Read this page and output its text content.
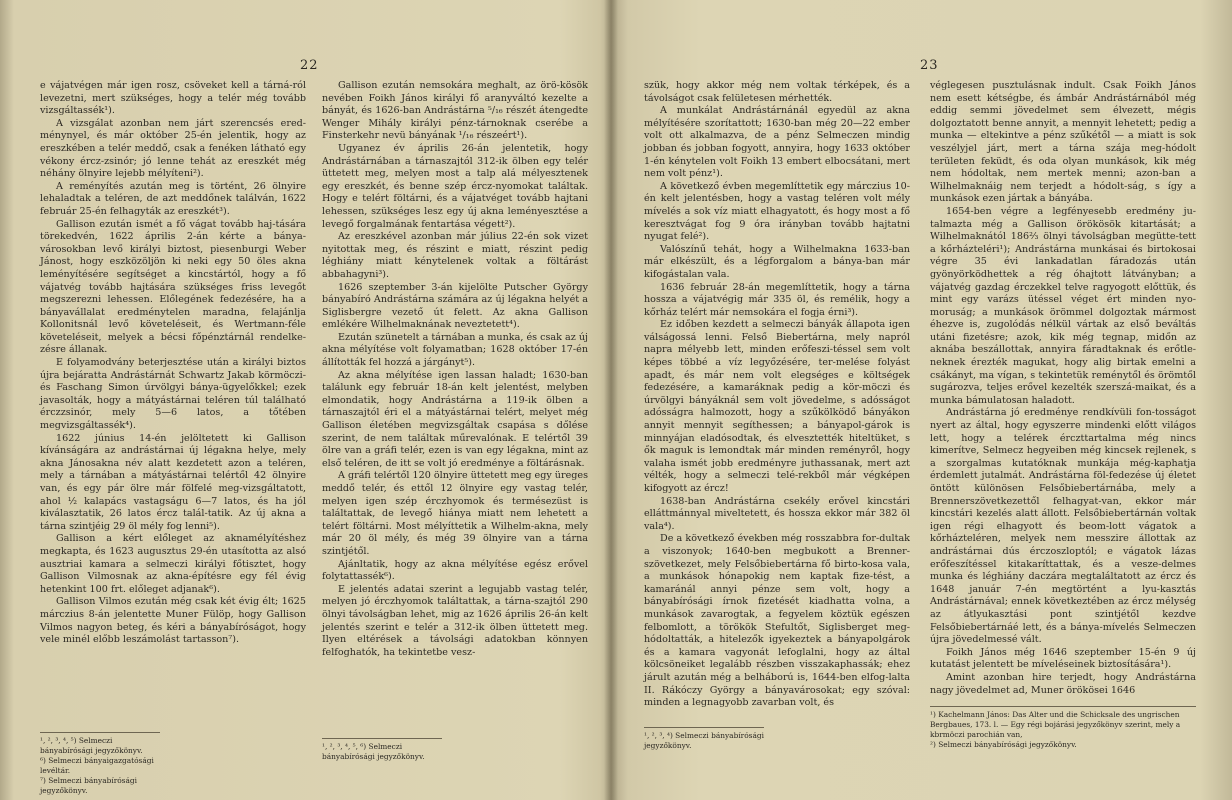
22

e vájatvégen már igen rosz, csöveket kell a tárná-ról levezetni, mert szükséges, hogy a telér még tovább vizsgáltassék¹).

A vizsgálat azonban nem járt szerencsés ered-ménynyel, és már október 25-én jelentik, hogy az ereszkében a telér meddő, csak a fenéken látható egy vékony ércz-zsinór; jó lenne tehát az ereszkét még néhány ölnyire lejebb mélyíteni²).

A reményítés azután meg is történt, 26 ölnyire lehaladtak a teléren, de azt meddőnek találván, 1622 február 25-én felhagyták az ereszkét³).

Gallison ezután ismét a fő vágat tovább haj-tására törekedvén, 1622 április 2-án kérte a bánya-városokban levő királyi biztost, piesenburgi Weber Jánost, hogy eszközöljön ki neki egy 50 öles akna leményítésére segítséget a kincstártól, hogy a fő vájatvég tovább hajtására szükséges friss levegőt megszerezni lehessen. Előlegének fedezésére, ha a bányavállalat eredménytelen maradna, felajánlja Kollonitsnál levő követeléseit, és Wertmann-féle követeléseit, melyek a bécsi főpénztárnál rendelke-zésre állanak.

E folyamodvány beterjesztése után a királyi biztos újra bejáratta Andrástárnát Schwartz Jakab körmöczi- és Faschang Simon úrvölgyi bánya-ügyelőkkel; ezek javasolták, hogy a mátyástárnai teléren túl található érczzsinór, mely 5—6 latos, a tőtében megvizsgáltassék⁴).

1622 június 14-én jelöltetett ki Gallison kívánságára az andrástárnai új légakna helye, mely akna Jánosakna név alatt kezdetett azon a teléren, mely a tárnában a mátyástárnai telértől 42 ölnyire van, és egy pár ölre már fölfelé meg-vizsgáltatott, ahol ½ kalapács vastagságu 6—7 latos, és ha jól kiválasztatik, 26 latos ércz talál-tatik. Az új akna a tárna szintjéig 29 öl mély fog lenni⁵).

Gallison a kért előleget az aknamélyítéshez megkapta, és 1623 augusztus 29-én utasította az alsó ausztriai kamara a selmeczi királyi főtisztet, hogy Gallison Vilmosnak az akna-építésre egy fél évig hetenkint 100 frt. előleget adjanak⁶).

Gallison Vilmos ezután még csak két évig élt; 1625 márczius 8-án jelentette Muner Fülöp, hogy Gallison Vilmos nagyon beteg, és kéri a bányabíróságot, hogy vele minél előbb leszámolást tartasson⁷).

Gallison ezután nemsokára meghalt, az örö-kösök nevében Foikh János királyi fő aranyváltó kezelte a bányát, és 1626-ban Andrástárna ⁵/₁₆ részét átengedte Wenger Mihály királyi pénz-tárnoknak cserébe a Finsterkehr nevü bányának ¹/₁₆ részeért¹).

Ugyanez év április 26-án jelentetik, hogy Andrástárnában a tárnaszajtól 312-ik ölben egy telér üttetett meg, melyen most a talp alá mélyesztenek egy ereszkét, és benne szép ércz-nyomokat találtak. Hogy e telért föltárni, és a vájatvéget tovább hajtani lehessen, szükséges lesz egy új akna leményesztése a levegő forgalmának fentartása végett²).

Az ereszkével azonban már július 22-én sok vizet nyitottak meg, és részint e miatt, részint pedig léghiány miatt kénytelenek voltak a föltárást abbahagyni³).

1626 szeptember 3-án kijelölte Putscher György bányabíró Andrástárna számára az új légakna helyét a Siglisbergre vezető út felett. Az akna Gallison emlékére Wilhelmaknának neveztetett⁴).

Ezután szünetelt a tárnában a munka, és csak az új akna mélyítése volt folyamatban; 1628 október 17-én állították fel hozzá a járgányt⁵).

Az akna mélyítése igen lassan haladt; 1630-ban találunk egy február 18-án kelt jelentést, melyben elmondatik, hogy Andrástárna a 119-ik ölben a tárnaszajtól éri el a mátyástárnai telért, melyet még Gallison életében megvizsgáltak csapása s dőlése szerint, de nem találtak műrevalónak. E telértől 39 ölre van a gráfi telér, ezen is van egy légakna, mint az első teléren, de itt se volt jó eredménye a föltárásnak.

A gráfi telértől 120 ölnyire üttetett meg egy üreges meddő telér, és ettől 12 ölnyire egy vastag telér, melyen igen szép érczhyomok és termésezüst is találtattak, de levegő hiánya miatt nem lehetett a telért föltárni. Most mélyíttetik a Wilhelm-akna, mely már 20 öl mély, és még 39 ölnyire van a tárna szintjétől.

Ajánltatik, hogy az akna mélyítése egész erővel folytattassék⁶).

E jelentés adatai szerint a legujabb vastag telér, melyen jó érczhyomok találtattak, a tárna-szajtól 290 ölnyi távolságban lehet, mig az 1626 április 26-án kelt jelentés szerint e telér a 312-ik ölben üttetett meg. Ilyen eltérések a távolsági adatokban könnyen felfoghatók, ha tekintetbe vesz-

¹, ², ³, ⁴, ⁵) Selmeczi bányabírósági jegyzőkönyv.
⁶) Selmeczi bányaigazgatósági levéltár.
⁷) Selmeczi bányabírósági jegyzőkönyv.
¹, ², ³, ⁴, ⁵, ⁶) Selmeczi bányabírósági jegyzőkönyv.
23

szük, hogy akkor még nem voltak térképek, és a távolságot csak felületesen mérhették.

A munkálat Andrástárnánál egyedül az akna mélyítésére szorítattott; 1630-ban még 20—22 ember volt ott alkalmazva, de a pénz Selmeczen mindig jobban és jobban fogyott, annyira, hogy 1633 október 1-én kénytelen volt Foikh 13 embert elbocsátani, mert nem volt pénz¹).

A következő évben megemlíttetik egy márczius 10-én kelt jelentésben, hogy a vastag teléren volt mély mívelés a sok víz miatt elhagyatott, és hogy most a fő keresztvágat fog 9 óra irányban tovább hajtatni nyugat felé²).

Valószínű tehát, hogy a Wilhelmakna 1633-ban már elkészült, és a légforgalom a bánya-ban már kifogástalan vala.

1636 február 28-án megemlíttetik, hogy a tárna hossza a vájatvégig már 335 öl, és remélik, hogy a kőrház telért már nemsokára el fogja érni³).

Ez időben kezdett a selmeczi bányák állapota igen válságossá lenni. Felső Biebertárna, mely napról napra mélyebb lett, minden erőfeszi-téssel sem volt képes többé a víz legyőzésére, ter-melése folyást apadt, és már nem volt elegséges e költségek fedezésére, a kamaráknak pedig a kör-möczi és úrvölgyi bányáknál sem volt jövedelme, s adósságot adósságra halmozott, hogy a szűkölködő bányákon annyit mennyit segíthessen; a bányapol-gárok is minnyájan eladósodtak, és elvesztették hiteltüket, s ők maguk is lemondtak már minden reményről, hogy valaha ismét jobb eredményre juthassanak, mert azt vélték, hogy a selmeczi telé-rekből már végképen kifogyott az ércz!

1638-ban Andrástárna csekély erővel kincstári elláttmánnyal miveltetett, és hossza ekkor már 382 öl vala⁴).

De a következő években még rosszabbra for-dultak a viszonyok; 1640-ben megbukott a Brenner-szövetkezet, mely Felsőbiebertárna fő birto-kosa vala, a munkások hónapokig nem kaptak fize-tést, a kamaránál annyi pénze sem volt, hogy a bányabírósági írnok fizetését kiadhatta volna, a munkások zavarogtak, a fegyelem köztük egészen felbomlott, a törökök Stefultőt, Siglisberget meg-hódoltatták, a hitelezők igyekeztek a bányapolgárok és a kamara vagyonát lefoglalni, hogy az által kölcsöneiket legalább részben visszakaphassák; ehez járult azután még a belháború is, 1644-ben elfog-lalta II. Rákóczy György a bányavárosokat; egy szóval: minden a legnagyobb zavarban volt, és

véglegesen pusztulásnak indult. Csak Foikh János nem esett kétségbe, és ámbár Andrástárnából még eddig semmi jövedelmet sem élvezett, mégis dolgoztatott benne annyit, a mennyit lehetett; pedig a munka — eltekintve a pénz szűkétől — a miatt is sok veszélyjel járt, mert a tárna szája meg-hódolt területen feküdt, és oda olyan munkások, kik még nem hódoltak, nem mertek menni; azon-ban a Wilhelmaknáig nem terjedt a hódolt-ság, s így a munkások ezen jártak a bányába.

1654-ben végre a legfényesebb eredmény ju-talmazta még a Gallison örökösök kitartását; a Wilhelmaknától 186⅔ ölnyi távolságban megütte-tett a kőrházteléri¹); Andrástárna munkásai és birtokosai végre 35 évi lankadatlan fáradozás után gyönyörködhettek a rég óhajtott látványban; a vájatvég gazdag érczekkel telve ragyogott előttük, és mint egy varázs ütéssel véget ért minden nyo-moruság; a munkások örömmel dolgoztak mármost éhezve is, zugolódás nélkül vártak az első beváltás utáni fizetésre; azok, kik még tegnap, midőn az aknába beszállottak, annyira fáradtaknak és erőtle-neknek érezték magukat, hogy alig birtak emelni a csákányt, ma vígan, s tekintetük reménytől és örömtől sugározva, teljes erővel kezelték szerszá-maikat, és a munka bámulatosan haladott.

Andrástárna jó eredménye rendkívüli fon-tosságot nyert az által, hogy egyszerre mindenki előtt világos lett, hogy a telérek érczttartalma még nincs kimerítve, Selmecz hegyeiben még kincsek rejlenek, s a szorgalmas kutatóknak munkája még-kaphatja érdemlett jutalmát. Andrástárna föl-fedezése új életet öntött különösen Felsőbiebertárnába, mely a Brennerszövetkezettől felhagyat-van, ekkor már kincstári kezelés alatt állott. Felsőbiebertárnán voltak igen régi elhagyott és beom-lott vágatok a kőrházteléren, melyek nem messzire állottak az andrástárnai dús érczoszloptól; e vágatok lázas erőfeszítéssel kitakaríttattak, és a vesze-delmes munka és léghiány daczára megtaláltatott az ércz és 1648 január 7-én megtörtént a lyu-kasztás Andrástárnával; ennek következtében az ércz mélység az átlyukasztási pont szintjétől kezdve Felsőbiebertárnáé lett, és a bánya-mívelés Selmeczen újra jövedelmessé vált.

Foikh János még 1646 szeptember 15-én 9 új kutatást jelentett be míveléseinek biztosítására¹).

Amint azonban hire terjedt, hogy Andrástárna nagy jövedelmet ad, Muner örökösei 1646

¹, ², ³, ⁴) Selmeczi bányabírósági jegyzőkönyv.
¹) Kachelmann János: Das Alter und die Schicksale des ungrischen Bergbaues, 173. l. — Egy régi bojárási jegyzőkönyv szerint, mely a kbrmöczi parochián van,
²) Selmeczi bányabírósági jegyzőkönyv.
